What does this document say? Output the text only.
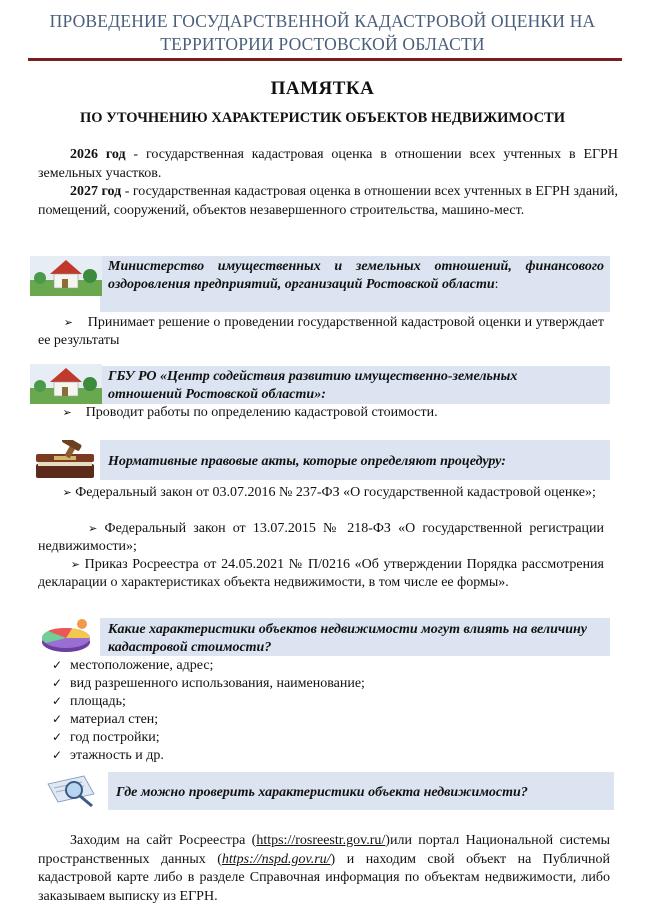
ПРОВЕДЕНИЕ ГОСУДАРСТВЕННОЙ КАДАСТРОВОЙ ОЦЕНКИ НА
ТЕРРИТОРИИ РОСТОВСКОЙ ОБЛАСТИ
ПАМЯТКА
ПО УТОЧНЕНИЮ ХАРАКТЕРИСТИК ОБЪЕКТОВ НЕДВИЖИМОСТИ
2026 год - государственная кадастровая оценка в отношении всех учтенных в ЕГРН земельных участков.
2027 год - государственная кадастровая оценка в отношении всех учтенных в ЕГРН зданий, помещений, сооружений, объектов незавершенного строительства, машино-мест.
Министерство имущественных и земельных отношений, финансового оздоровления предприятий, организаций Ростовской области:
➢    Принимает решение о проведении государственной кадастровой оценки и утверждает ее результаты
ГБУ РО «Центр содействия развитию имущественно-земельных отношений Ростовской области»:
➢    Проводит работы по определению кадастровой стоимости.
Нормативные правовые акты, которые определяют процедуру:
➢ Федеральный закон от 03.07.2016 № 237-ФЗ «О государственной кадастровой оценке»;
➢ Федеральный закон от 13.07.2015 № 218-ФЗ «О государственной регистрации недвижимости»;
➢ Приказ Росреестра от 24.05.2021 № П/0216 «Об утверждении Порядка рассмотрения декларации о характеристиках объекта недвижимости, в том числе ее формы».
Какие характеристики объектов недвижимости могут влиять на величину кадастровой стоимости?
✓ местоположение, адрес;
✓ вид разрешенного использования, наименование;
✓ площадь;
✓ материал стен;
✓ год постройки;
✓ этажность и др.
Где можно проверить характеристики объекта недвижимости?
Заходим на сайт Росреестра (https://rosreestr.gov.ru/)или портал Национальной системы пространственных данных (https://nspd.gov.ru/) и находим свой объект на Публичной кадастровой карте либо в разделе Справочная информация по объектам недвижимости, либо заказываем выписку из ЕГРН.
